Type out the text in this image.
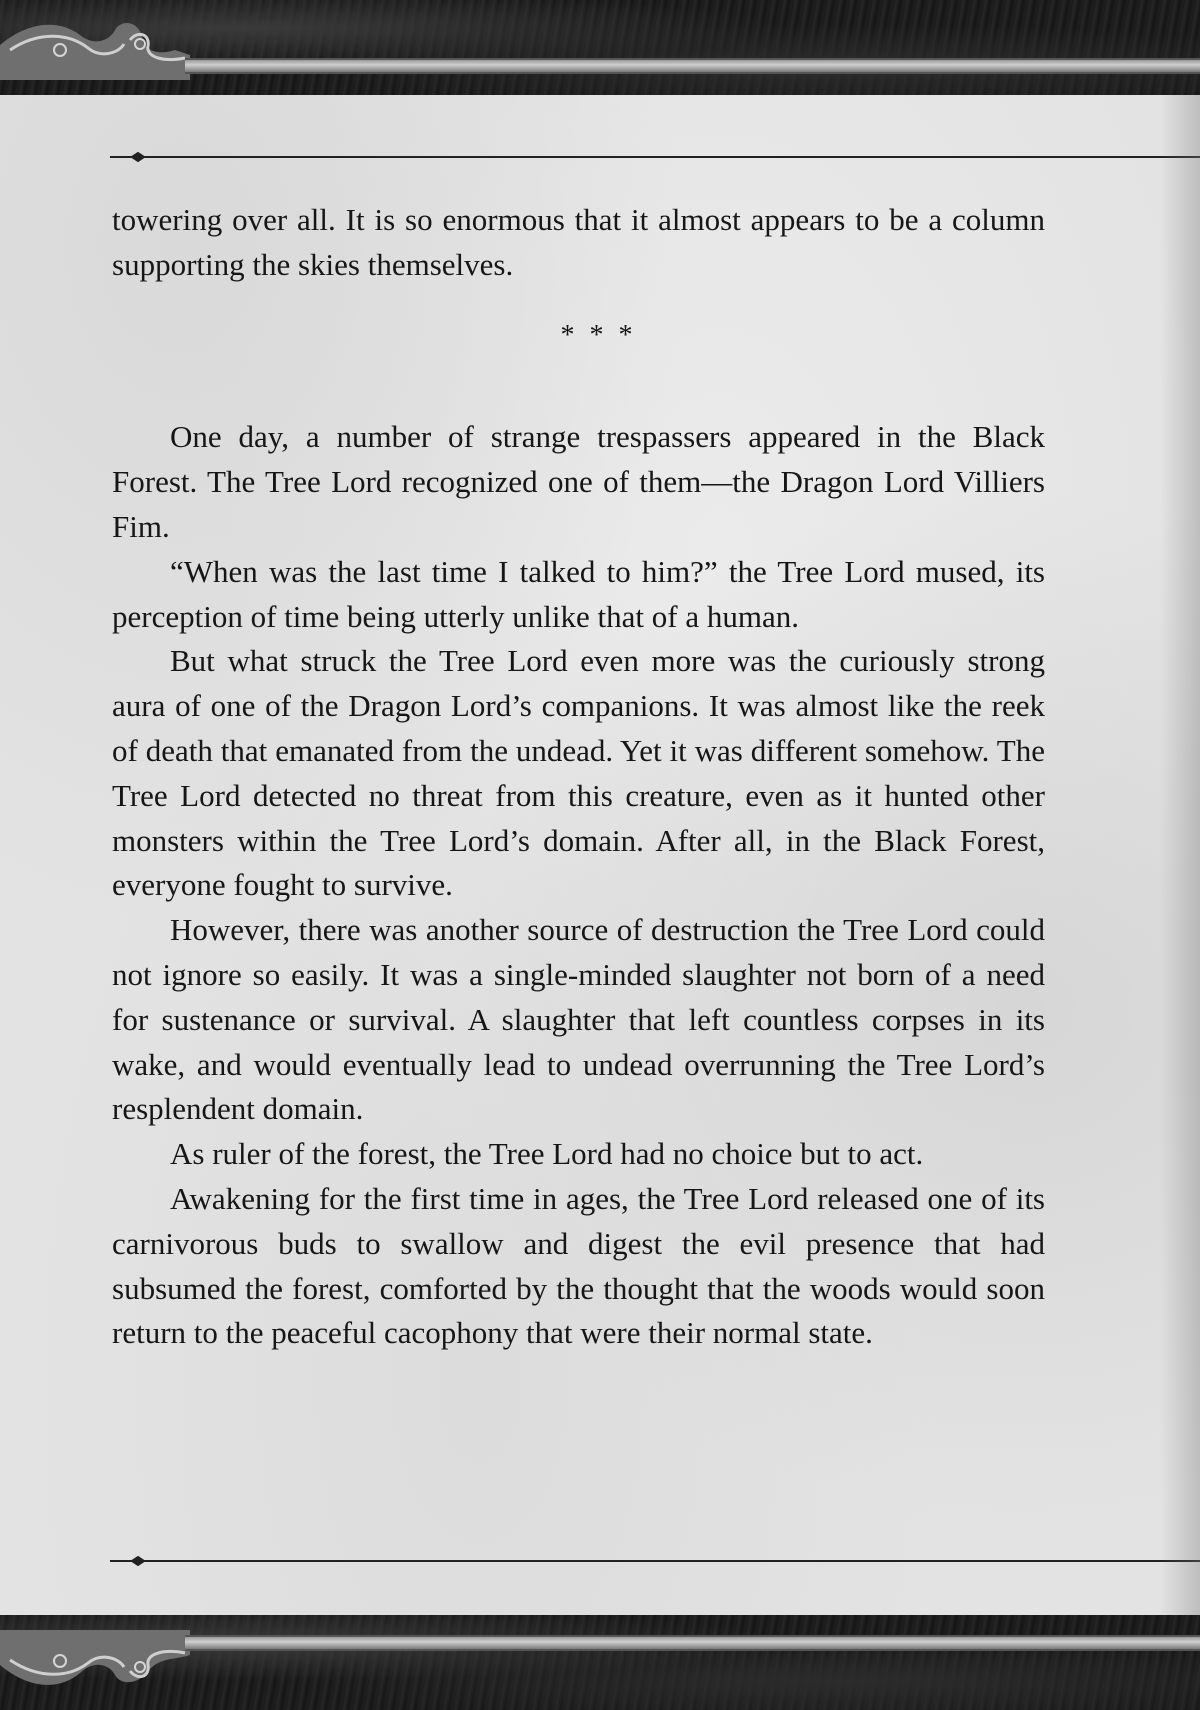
towering over all. It is so enormous that it almost appears to be a column supporting the skies themselves.

* * *

One day, a number of strange trespassers appeared in the Black Forest. The Tree Lord recognized one of them—the Dragon Lord Villiers Fim.

“When was the last time I talked to him?” the Tree Lord mused, its perception of time being utterly unlike that of a human.

But what struck the Tree Lord even more was the curiously strong aura of one of the Dragon Lord’s companions. It was almost like the reek of death that emanated from the undead. Yet it was different somehow. The Tree Lord detected no threat from this creature, even as it hunted other monsters within the Tree Lord’s domain. After all, in the Black Forest, everyone fought to survive.

However, there was another source of destruction the Tree Lord could not ignore so easily. It was a single-minded slaughter not born of a need for sustenance or survival. A slaughter that left countless corpses in its wake, and would eventually lead to undead overrunning the Tree Lord’s resplendent domain.

As ruler of the forest, the Tree Lord had no choice but to act.

Awakening for the first time in ages, the Tree Lord released one of its carnivorous buds to swallow and digest the evil presence that had subsumed the forest, comforted by the thought that the woods would soon return to the peaceful cacophony that were their normal state.
